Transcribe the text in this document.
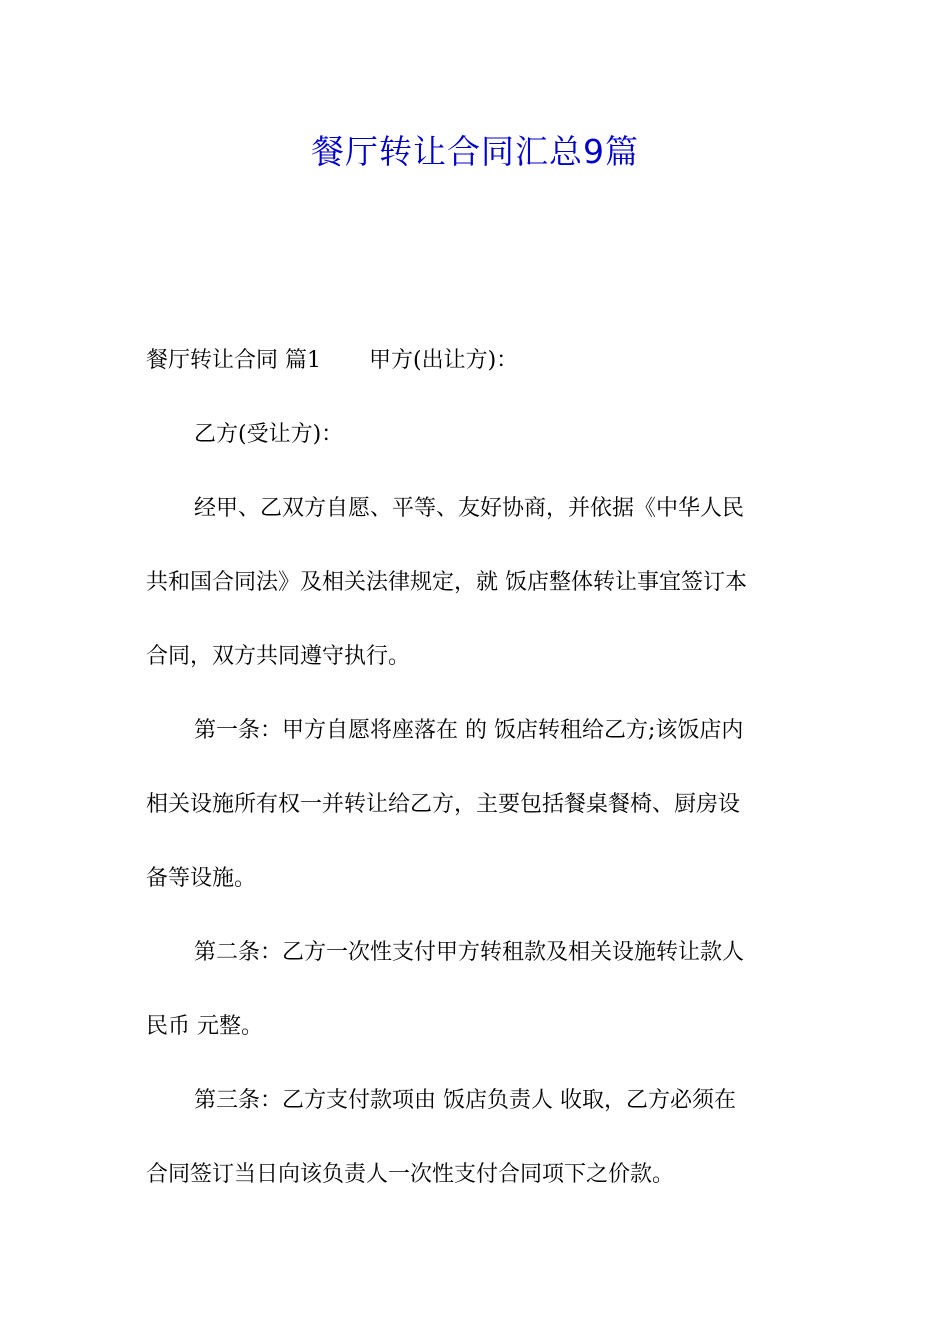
餐厅转让合同汇总9篇
餐厅转让合同 篇1 甲方(出让方)：
乙方(受让方)：
经甲、乙双方自愿、平等、友好协商，并依据《中华人民
共和国合同法》及相关法律规定，就 饭店整体转让事宜签订本
合同，双方共同遵守执行。
第一条：甲方自愿将座落在 的 饭店转租给乙方;该饭店内
相关设施所有权一并转让给乙方，主要包括餐桌餐椅、厨房设
备等设施。
第二条：乙方一次性支付甲方转租款及相关设施转让款人
民币 元整。
第三条：乙方支付款项由 饭店负责人 收取，乙方必须在
合同签订当日向该负责人一次性支付合同项下之价款。
